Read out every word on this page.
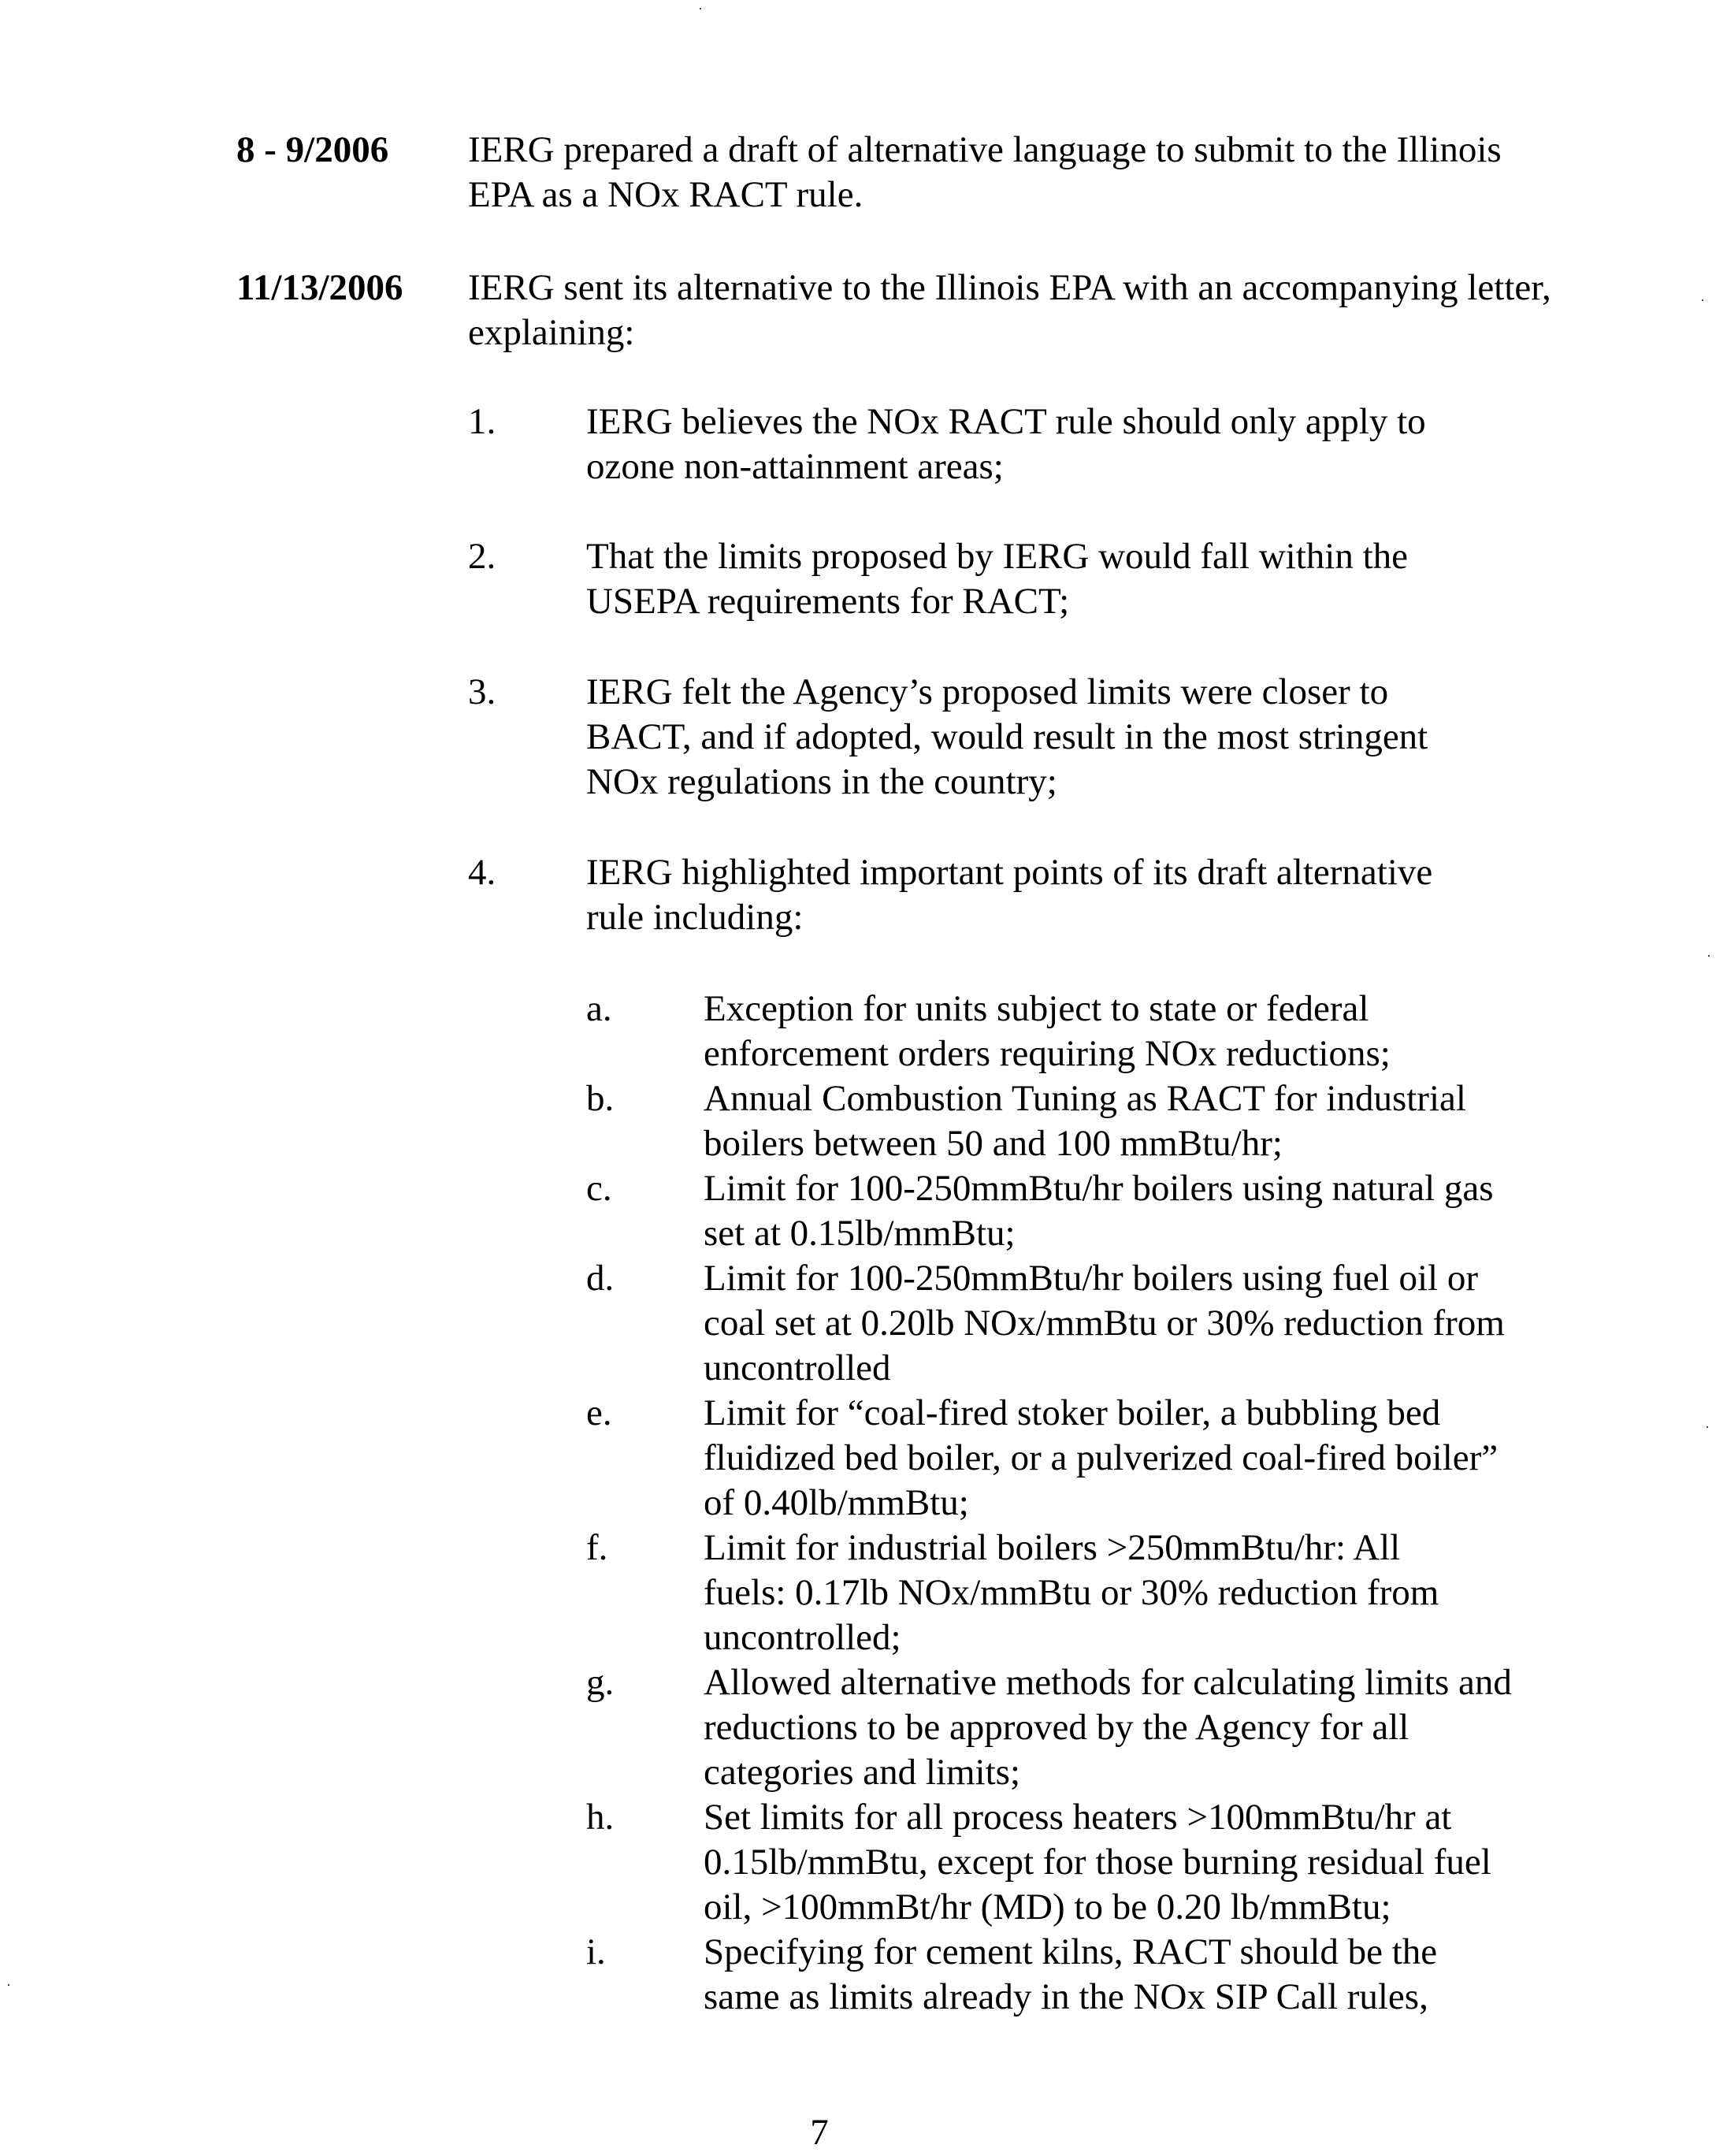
8 - 9/2006 IERG prepared a draft of alternative language to submit to the Illinois EPA as a NOx RACT rule.

11/13/2006 IERG sent its alternative to the Illinois EPA with an accompanying letter, explaining:

1. IERG believes the NOx RACT rule should only apply to ozone non-attainment areas;

2. That the limits proposed by IERG would fall within the USEPA requirements for RACT;

3. IERG felt the Agency’s proposed limits were closer to BACT, and if adopted, would result in the most stringent NOx regulations in the country;

4. IERG highlighted important points of its draft alternative rule including:

a. Exception for units subject to state or federal enforcement orders requiring NOx reductions;

b. Annual Combustion Tuning as RACT for industrial boilers between 50 and 100 mmBtu/hr;

c. Limit for 100-250mmBtu/hr boilers using natural gas set at 0.15lb/mmBtu;

d. Limit for 100-250mmBtu/hr boilers using fuel oil or coal set at 0.20lb NOx/mmBtu or 30% reduction from uncontrolled

e. Limit for “coal-fired stoker boiler, a bubbling bed fluidized bed boiler, or a pulverized coal-fired boiler” of 0.40lb/mmBtu;

f.	Limit for industrial boilers >250mmBtu/hr: All fuels: 0.17lb NOx/mmBtu or 30% reduction from uncontrolled;

g. Allowed alternative methods for calculating limits and reductions to be approved by the Agency for all categories and limits;

h. Set limits for all process heaters >100mmBtu/hr at 0.15lb/mmBtu, except for those burning residual fuel oil, >100mmBt/hr (MD) to be 0.20 lb/mmBtu;

i.	Specifying for cement kilns, RACT should be the same as limits already in the NOx SIP Call rules,

7
